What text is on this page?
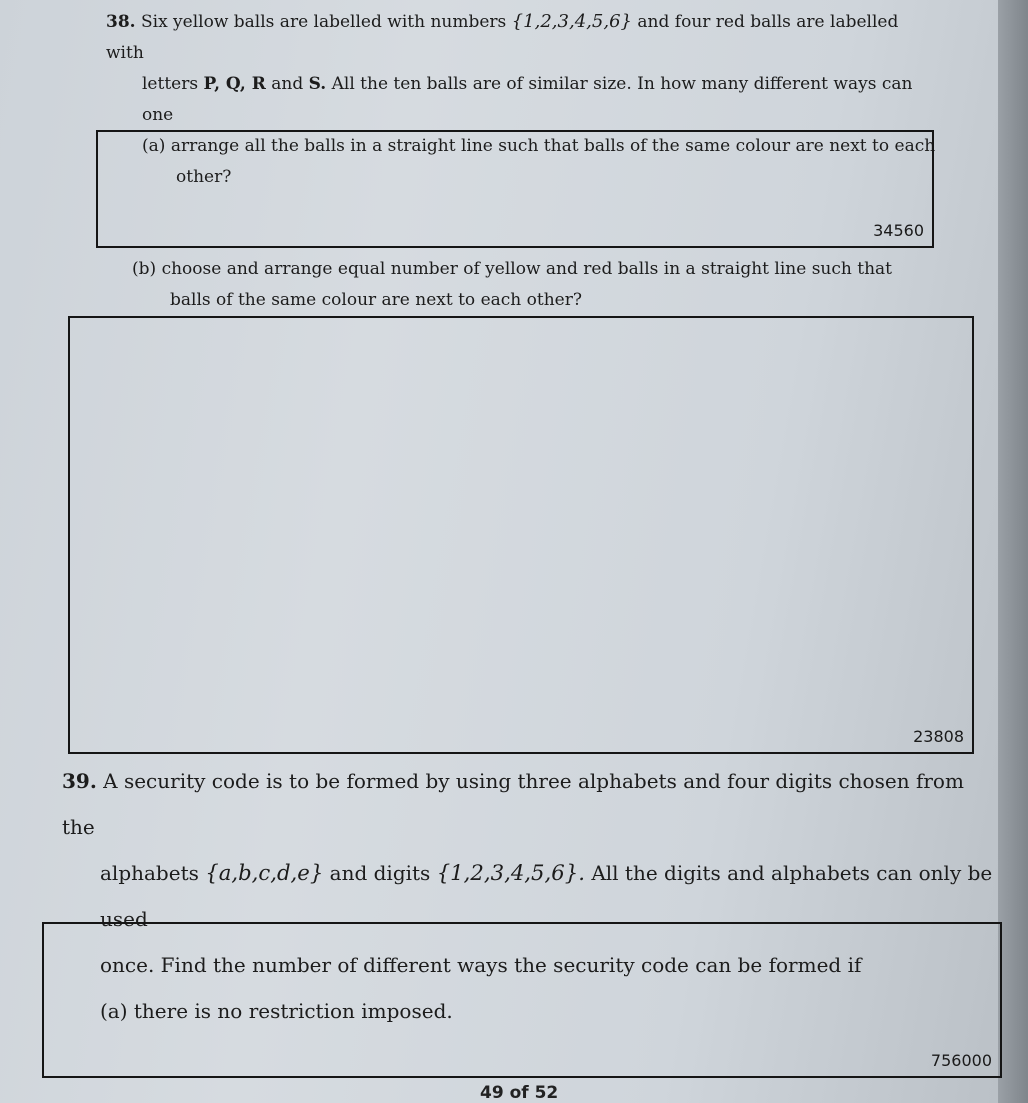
38. Six yellow balls are labelled with numbers {1,2,3,4,5,6} and four red balls are labelled with
letters P, Q, R and S. All the ten balls are of similar size. In how many different ways can one
(a) arrange all the balls in a straight line such that balls of the same colour are next to each
other?
34560
(b) choose and arrange equal number of yellow and red balls in a straight line such that
balls of the same colour are next to each other?
23808
39. A security code is to be formed by using three alphabets and four digits chosen from the
alphabets {a,b,c,d,e} and digits {1,2,3,4,5,6}. All the digits and alphabets can only be used
once. Find the number of different ways the security code can be formed if
(a) there is no restriction imposed.
756000
49 of 52
